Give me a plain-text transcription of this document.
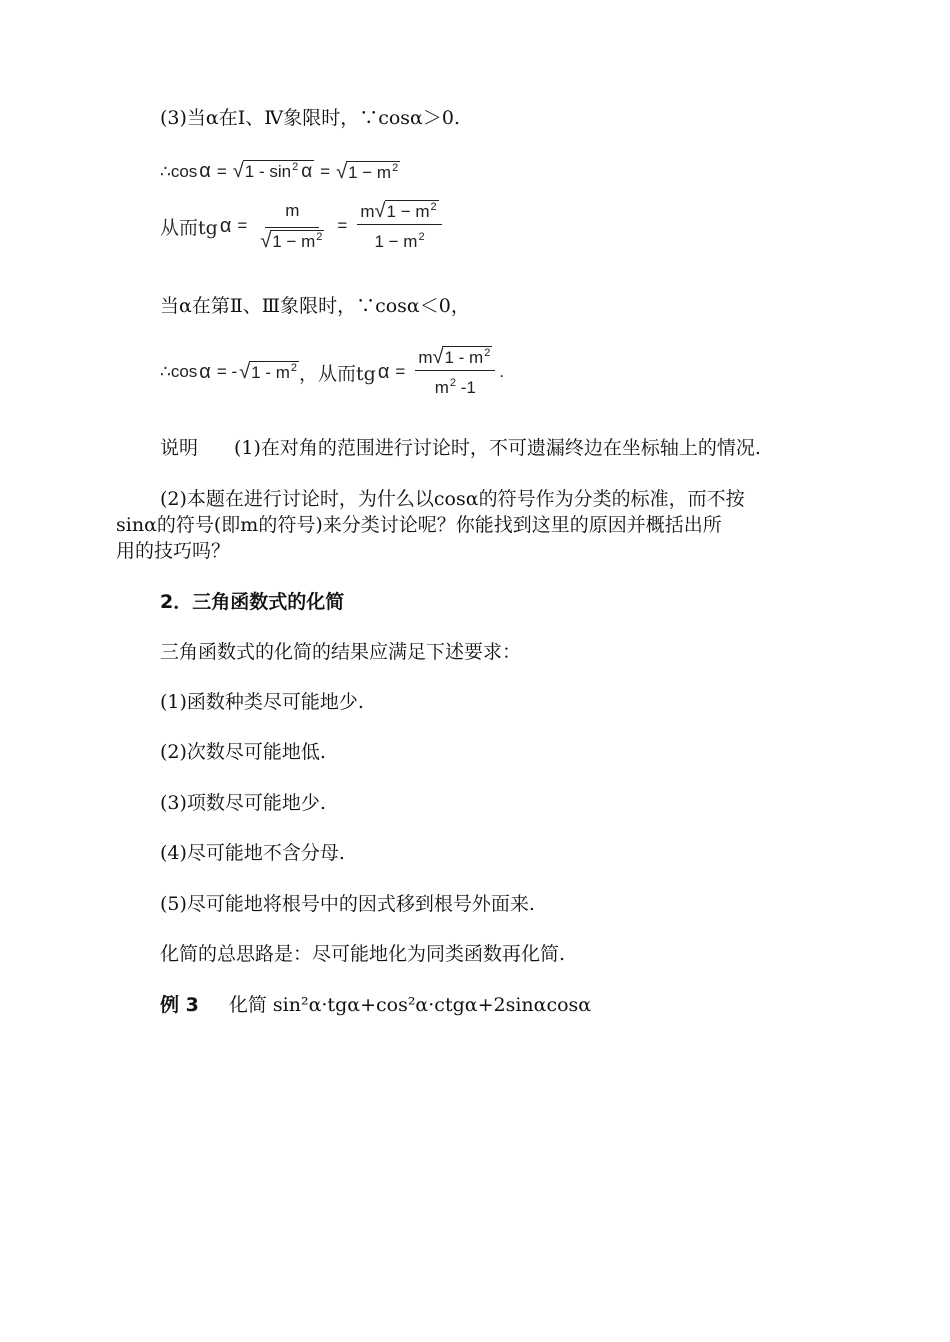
(3)当α在Ⅰ、Ⅳ象限时，∵cosα＞0.
∴cos α = √ $1 - \sin^2 \alpha$ = √ $1 - m^2$
从而tg $\alpha = \frac{m}{√ 1 - m^2} = \frac{m √ 1 - m^2}{1 - m^2}$
当α在第Ⅱ、Ⅲ象限时，∵cosα＜0，
∴cos α = - √ $1 - m^2$ ，从而tg $\alpha = \frac{m √ 1 - m^2}{m^2 -1}$ .
说明 (1)在对角的范围进行讨论时，不可遗漏终边在坐标轴上的情况.
(2)本题在进行讨论时，为什么以cosα的符号作为分类的标准，而不按
sinα的符号(即m的符号)来分类讨论呢？你能找到这里的原因并概括出所
用的技巧吗？
2．三角函数式的化简
三角函数式的化简的结果应满足下述要求：
(1)函数种类尽可能地少.
(2)次数尽可能地低.
(3)项数尽可能地少.
(4)尽可能地不含分母.
(5)尽可能地将根号中的因式移到根号外面来.
化简的总思路是：尽可能地化为同类函数再化简.
例 3 化简 sin²α·tgα+cos²α·ctgα+2sinαcosα
